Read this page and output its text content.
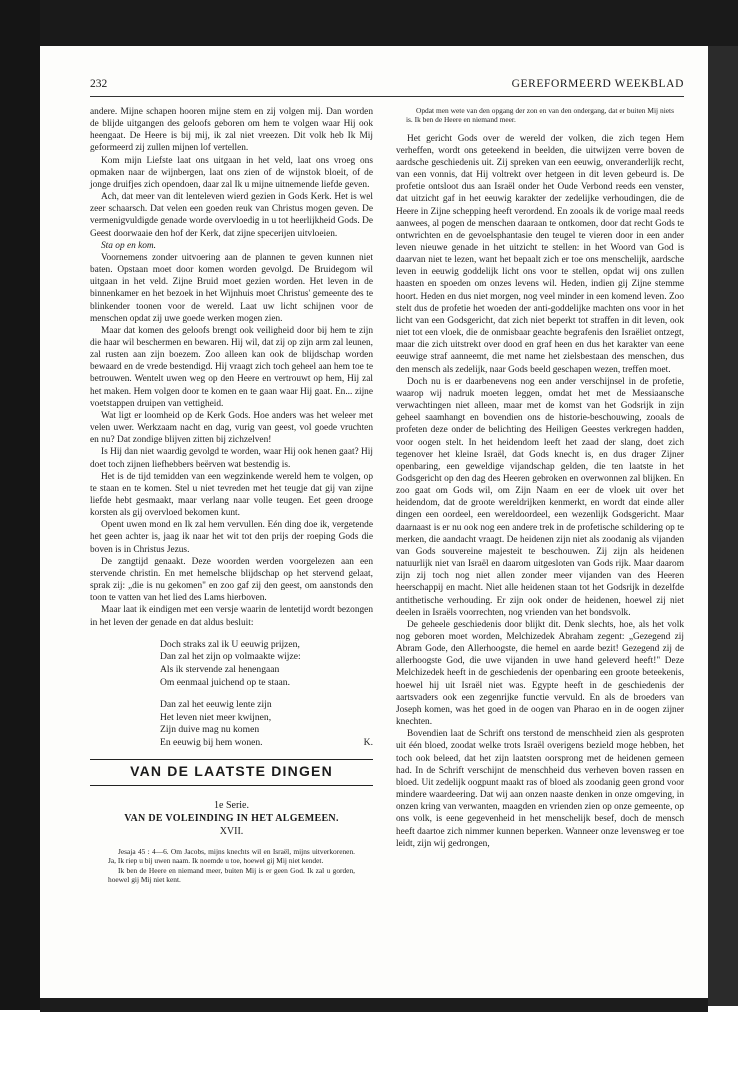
232	GEREFORMEERD WEEKBLAD

andere. Mijne schapen hooren mijne stem en zij volgen mij. Dan worden de blijde uitgangen des geloofs geboren om hem te volgen waar Hij ook heengaat. De Heere is bij mij, ik zal niet vreezen. Dit volk heb Ik Mij geformeerd zij zullen mijnen lof vertellen.

Kom mijn Liefste laat ons uitgaan in het veld, laat ons vroeg ons opmaken naar de wijnbergen, laat ons zien of de wijnstok bloeit, of de jonge druifjes zich opendoen, daar zal Ik u mijne uitnemende liefde geven.

Ach, dat meer van dit lenteleven wierd gezien in Gods Kerk. Het is wel zeer schaarsch. Dat velen een goeden reuk van Christus mogen geven. De vermenigvuldigde genade worde overvloedig in u tot heerlijkheid Gods. De Geest doorwaaie den hof der Kerk, dat zijne specerijen uitvloeien.

Sta op en kom.

Voornemens zonder uitvoering aan de plannen te geven kunnen niet baten. Opstaan moet door komen worden gevolgd. De Bruidegom wil uitgaan in het veld. Zijne Bruid moet gezien worden. Het leven in de binnenkamer en het bezoek in het Wijnhuis moet Christus' gemeente des te blinkender toonen voor de wereld. Laat uw licht schijnen voor de menschen opdat zij uwe goede werken mogen zien.

Maar dat komen des geloofs brengt ook veiligheid door bij hem te zijn die haar wil beschermen en bewaren. Hij wil, dat zij op zijn arm zal leunen, zal rusten aan zijn boezem. Zoo alleen kan ook de blijdschap worden bewaard en de vrede bestendigd. Hij vraagt zich toch geheel aan hem toe te betrouwen. Wentelt uwen weg op den Heere en vertrouwt op hem, Hij zal het maken. Hem volgen door te komen en te gaan waar Hij gaat. En... zijne voetstappen druipen van vettigheid.

Wat ligt er loomheid op de Kerk Gods. Hoe anders was het weleer met velen uwer. Werkzaam nacht en dag, vurig van geest, vol goede vruchten en nu? Dat zondige blijven zitten bij zichzelven!

Is Hij dan niet waardig gevolgd te worden, waar Hij ook henen gaat? Hij doet toch zijnen liefhebbers beërven wat bestendig is.

Het is de tijd temidden van een wegzinkende wereld hem te volgen, op te staan en te komen. Stel u niet tevreden met het teugje dat gij van zijne liefde hebt gesmaakt, maar verlang naar volle teugen. Eet geen drooge korsten als gij overvloed bekomen kunt.

Opent uwen mond en Ik zal hem vervullen. Eén ding doe ik, vergetende het geen achter is, jaag ik naar het wit tot den prijs der roeping Gods die boven is in Christus Jezus.

De zangtijd genaakt. Deze woorden werden voorgelezen aan een stervende christin. En met hemelsche blijdschap op het stervend gelaat, sprak zij: „die is nu gekomen" en zoo gaf zij den geest, om aanstonds den toon te vatten van het lied des Lams hierboven.

Maar laat ik eindigen met een versje waarin de lentetijd wordt bezongen in het leven der genade en dat aldus besluit:

Doch straks zal ik U eeuwig prijzen,
Dan zal het zijn op volmaakte wijze:
Als ik stervende zal henengaan
Om eenmaal juichend op te staan.
Dan zal het eeuwig lente zijn
Het leven niet meer kwijnen,
Zijn duive mag nu komen
En eeuwig bij hem wonen.	K.
VAN DE LAATSTE DINGEN
1e Serie.
VAN DE VOLEINDING IN HET ALGEMEEN.
XVII.

Jesaja 45 : 4—6. Om Jacobs, mijns knechts wil en Israël, mijns uitverkorenen. Ja, Ik riep u bij uwen naam. Ik noemde u toe, hoewel gij Mij niet kendet.

Ik ben de Heere en niemand meer, buiten Mij is er geen God. Ik zal u gorden, hoewel gij Mij niet kent.

Opdat men wete van den opgang der zon en van den ondergang, dat er buiten Mij niets is. Ik ben de Heere en niemand meer.

Het gericht Gods over de wereld der volken, die zich tegen Hem verheffen, wordt ons geteekend in beelden, die uitwijzen verre boven de aardsche geschiedenis uit. Zij spreken van een eeuwig, onveranderlijk recht, van een vonnis, dat Hij voltrekt over hetgeen in dit leven gebeurd is. De profetie ontsloot dus aan Israël onder het Oude Verbond reeds een venster, dat uitzicht gaf in het eeuwig karakter der zedelijke verhoudingen, die de Heere in Zijne schepping heeft verordend. En zooals ik de vorige maal reeds aanwees, al pogen de menschen daaraan te ontkomen, door dat recht Gods te ontwrichten en de gevoelsphantasie den teugel te vieren door in een ander leven nieuwe genade in het uitzicht te stellen: in het Woord van God is daarvan niet te lezen, want het bepaalt zich er toe ons menschelijk, aardsche leven in eeuwig goddelijk licht ons voor te stellen, opdat wij ons zullen haasten en spoeden om onzes levens wil. Heden, indien gij Zijne stemme hoort. Heden en dus niet morgen, nog veel minder in een komend leven. Zoo stelt dus de profetie het woeden der anti-goddelijke machten ons voor in het licht van een Godsgericht, dat zich niet beperkt tot straffen in dit leven, ook niet tot een vloek, die de onmisbaar geachte begrafenis den Israëliet ontzegt, maar die zich uitstrekt over dood en graf heen en dus het karakter van eene eeuwige straf aanneemt, die met name het zielsbestaan des menschen, dus den mensch als zedelijk, naar Gods beeld geschapen wezen, treffen moet.

Doch nu is er daarbenevens nog een ander verschijnsel in de profetie, waarop wij nadruk moeten leggen, omdat het met de Messiaansche verwachtingen niet alleen, maar met de komst van het Godsrijk in zijn geheel saamhangt en bovendien ons de historie-beschouwing, zooals de profeten deze onder de belichting des Heiligen Geestes verkregen hadden, voor oogen stelt. In het heidendom leeft het zaad der slang, doet zich tegenover het kleine Israël, dat Gods knecht is, en dus drager Zijner openbaring, een geweldige vijandschap gelden, die ten laatste in het Godsgericht op den dag des Heeren gebroken en overwonnen zal blijken. En zoo gaat om Gods wil, om Zijn Naam en eer de vloek uit over het heidendom, dat de groote wereldrijken kenmerkt, en wordt dat einde aller dingen een oordeel, een wereldoordeel, een wezenlijk Godsgericht. Maar daarnaast is er nu ook nog een andere trek in de profetische schildering op te merken, die aandacht vraagt. De heidenen zijn niet als zoodanig als vijanden van Gods souvereine majesteit te beschouwen. Zij zijn als heidenen natuurlijk niet van Israël en daarom uitgesloten van Gods rijk. Maar daarom zijn zij toch nog niet allen zonder meer vijanden van des Heeren heerschappij en macht. Niet alle heidenen staan tot het Godsrijk in dezelfde antithetische verhouding. Er zijn ook onder de heidenen, hoewel zij niet deelen in Israëls voorrechten, nog vrienden van het bondsvolk.

De geheele geschiedenis door blijkt dit. Denk slechts, hoe, als het volk nog geboren moet worden, Melchizedek Abraham zegent: „Gezegend zij Abram Gode, den Allerhoogste, die hemel en aarde bezit! Gezegend zij de allerhoogste God, die uwe vijanden in uwe hand geleverd heeft!" Deze Melchizedek heeft in de geschiedenis der openbaring een groote beteekenis, hoewel hij uit Israël niet was. Egypte heeft in de geschiedenis der aartsvaders ook een zegenrijke functie vervuld. En als de broeders van Joseph komen, was het goed in de oogen van Pharao en in de oogen zijner knechten.

Bovendien laat de Schrift ons terstond de menschheid zien als gesproten uit één bloed, zoodat welke trots Israël overigens bezield moge hebben, het toch ook beleed, dat het zijn laatsten oorsprong met de heidenen gemeen had. In de Schrift verschijnt de menschheid dus verheven boven rassen en bloed. Uit zedelijk oogpunt maakt ras of bloed als zoodanig geen grond voor mindere waardeering. Dat wij aan onzen naaste denken in onze omgeving, in onzen kring van verwanten, maagden en vrienden zien op onze gemeente, op ons volk, is eene gegevenheid in het menschelijk besef, doch de mensch heeft daartoe zich nimmer kunnen beperken. Wanneer onze levensweg er toe leidt, zijn wij gedrongen,
